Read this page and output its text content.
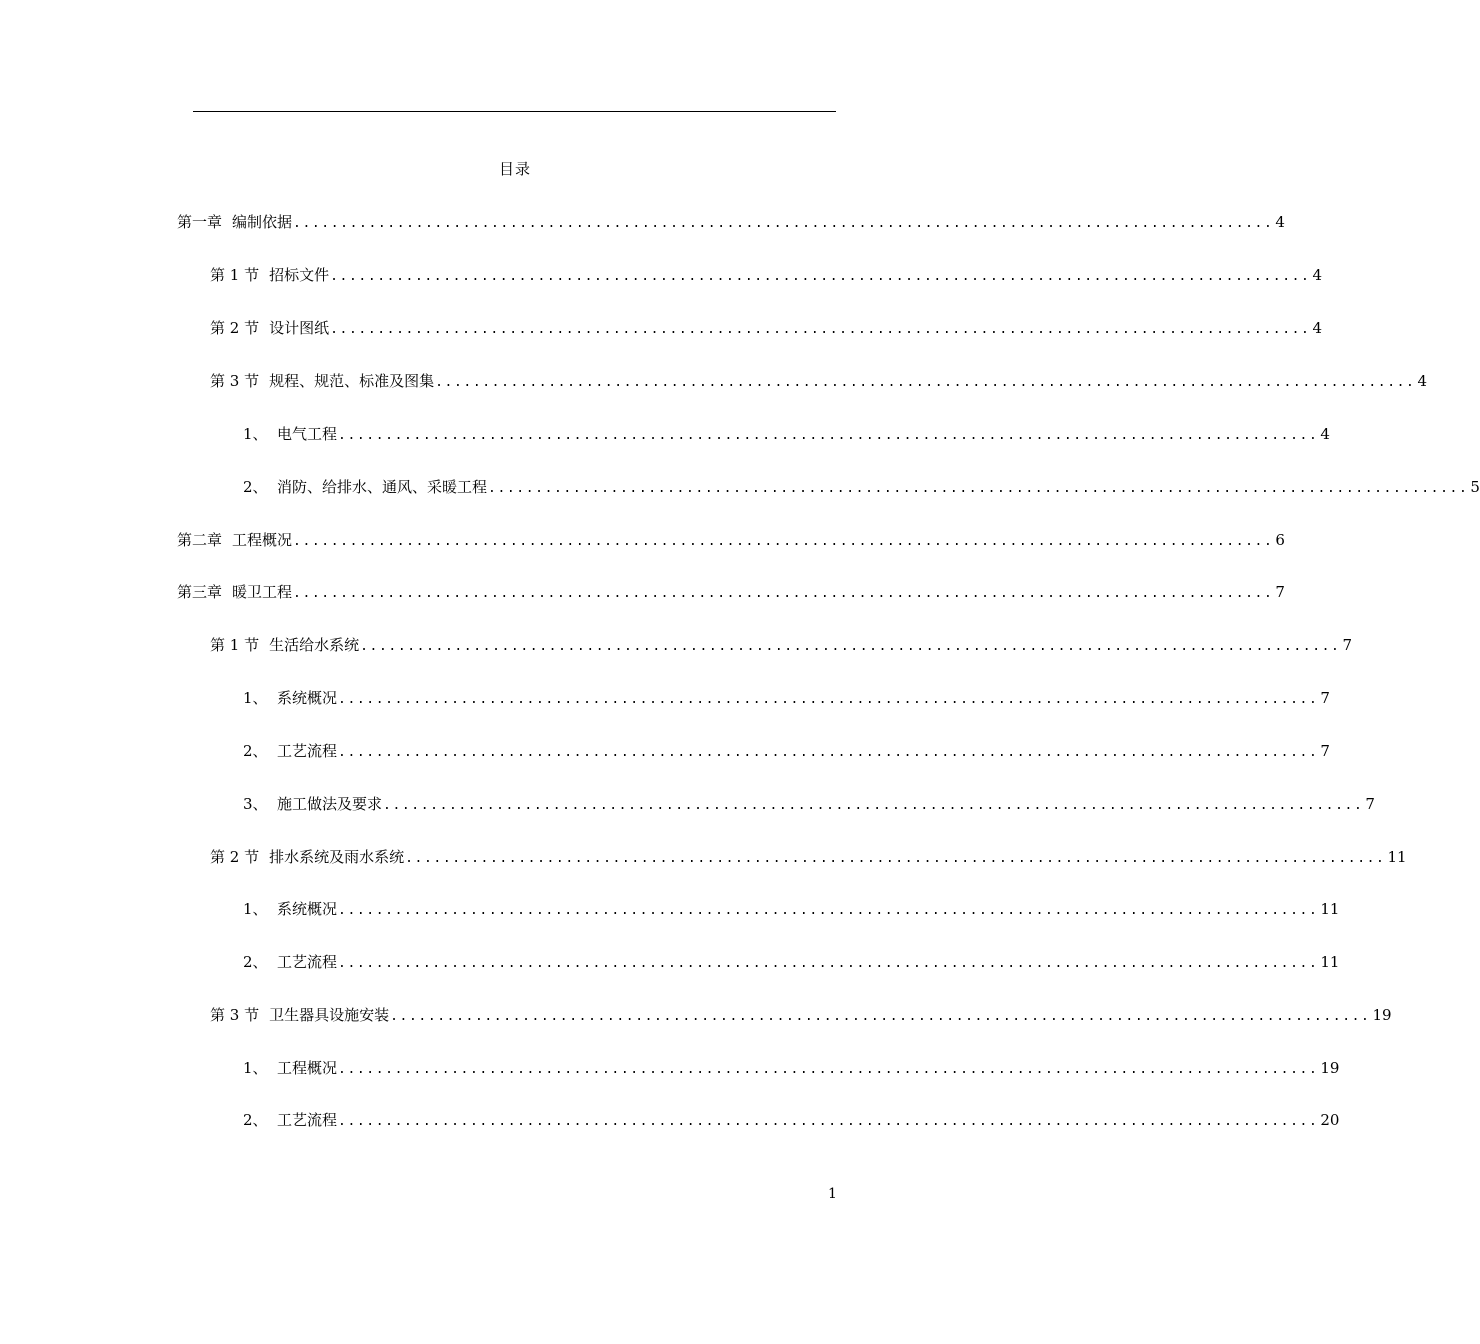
目录
第一章 编制依据 ........................................................................................................ 4
第 1 节 招标文件 ........................................................................................................ 4
第 2 节 设计图纸 ........................................................................................................ 4
第 3 节 规程、规范、标准及图集 ........................................................................................................ 4
1、 电气工程 ........................................................................................................ 4
2、 消防、给排水、通风、采暖工程 ........................................................................................................ 5
第二章 工程概况 ........................................................................................................ 6
第三章 暖卫工程 ........................................................................................................ 7
第 1 节 生活给水系统 ........................................................................................................ 7
1、 系统概况 ........................................................................................................ 7
2、 工艺流程 ........................................................................................................ 7
3、 施工做法及要求 ........................................................................................................ 7
第 2 节 排水系统及雨水系统 ........................................................................................................ 11
1、 系统概况 ........................................................................................................ 11
2、 工艺流程 ........................................................................................................ 11
第 3 节 卫生器具设施安装 ........................................................................................................ 19
1、 工程概况 ........................................................................................................ 19
2、 工艺流程 ........................................................................................................ 20
1
